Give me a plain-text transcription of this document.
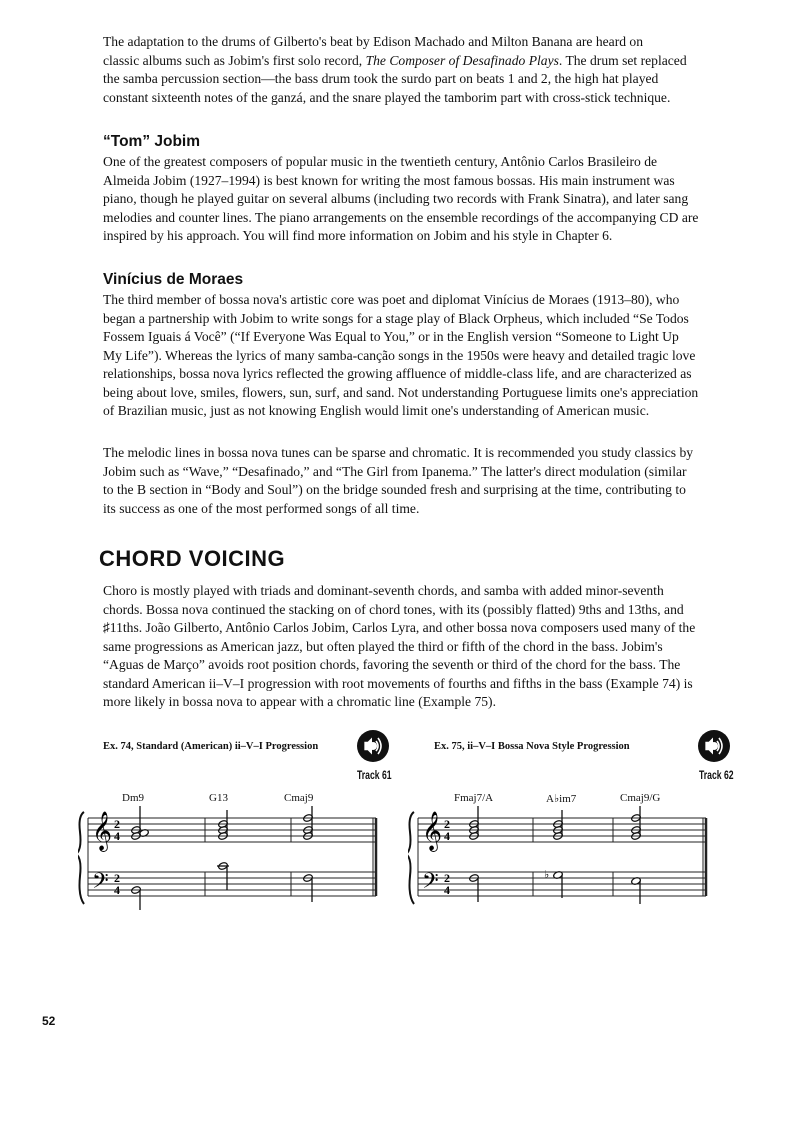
The adaptation to the drums of Gilberto's beat by Edison Machado and Milton Banana are heard on
classic albums such as Jobim's first solo record, The Composer of Desafinado Plays. The drum set replaced the samba percussion section—the bass drum took the surdo part on beats 1 and 2, the high hat played constant sixteenth notes of the ganzá, and the snare played the tamborim part with cross-stick technique.

“Tom” Jobim

One of the greatest composers of popular music in the twentieth century, Antônio Carlos Brasileiro de Almeida Jobim (1927–1994) is best known for writing the most famous bossas. His main instrument was piano, though he played guitar on several albums (including two records with Frank Sinatra), and later sang melodies and counter lines. The piano arrangements on the ensemble recordings of the accompanying CD are inspired by his approach. You will find more information on Jobim and his style in Chapter 6.

Vinícius de Moraes

The third member of bossa nova's artistic core was poet and diplomat Vinícius de Moraes (1913–80), who began a partnership with Jobim to write songs for a stage play of Black Orpheus, which included “Se Todos Fossem Iguais á Você” (“If Everyone Was Equal to You,” or in the English version “Someone to Light Up My Life”). Whereas the lyrics of many samba-canção songs in the 1950s were heavy and detailed tragic love relationships, bossa nova lyrics reflected the growing affluence of middle-class life, and are characterized as being about love, smiles, flowers, sun, surf, and sand. Not understanding Portuguese limits one's appreciation of Brazilian music, just as not knowing English would limit one's understanding of American music.

The melodic lines in bossa nova tunes can be sparse and chromatic. It is recommended you study classics by Jobim such as “Wave,” “Desafinado,” and “The Girl from Ipanema.” The latter's direct modulation (similar to the B section in “Body and Soul”) on the bridge sounded fresh and surprising at the time, contributing to its success as one of the most performed songs of all time.

CHORD VOICING

Choro is mostly played with triads and dominant-seventh chords, and samba with added minor-seventh chords. Bossa nova continued the stacking on of chord tones, with its (possibly flatted) 9ths and 13ths, and ♯11ths. João Gilberto, Antônio Carlos Jobim, Carlos Lyra, and other bossa nova composers used many of the same progressions as American jazz, but often played the third or fifth of the chord in the bass. Jobim's “Aguas de Março” avoids root position chords, favoring the seventh or third of the chord for the bass. The standard American ii–V–I progression with root movements of fourths and fifths in the bass (Example 74) is more likely in bossa nova to appear with a chromatic line (Example 75).

Ex. 74, Standard (American) ii–V–I Progression
Track 61
Dm9	G13	Cmaj9
𝄞
𝄢
2
4
2
4
Ex. 75, ii–V–I Bossa Nova Style Progression
Track 62
Fmaj7/A	A♭im7	Cmaj9/G
𝄞
𝄢
2
4
2
4
♭
52
